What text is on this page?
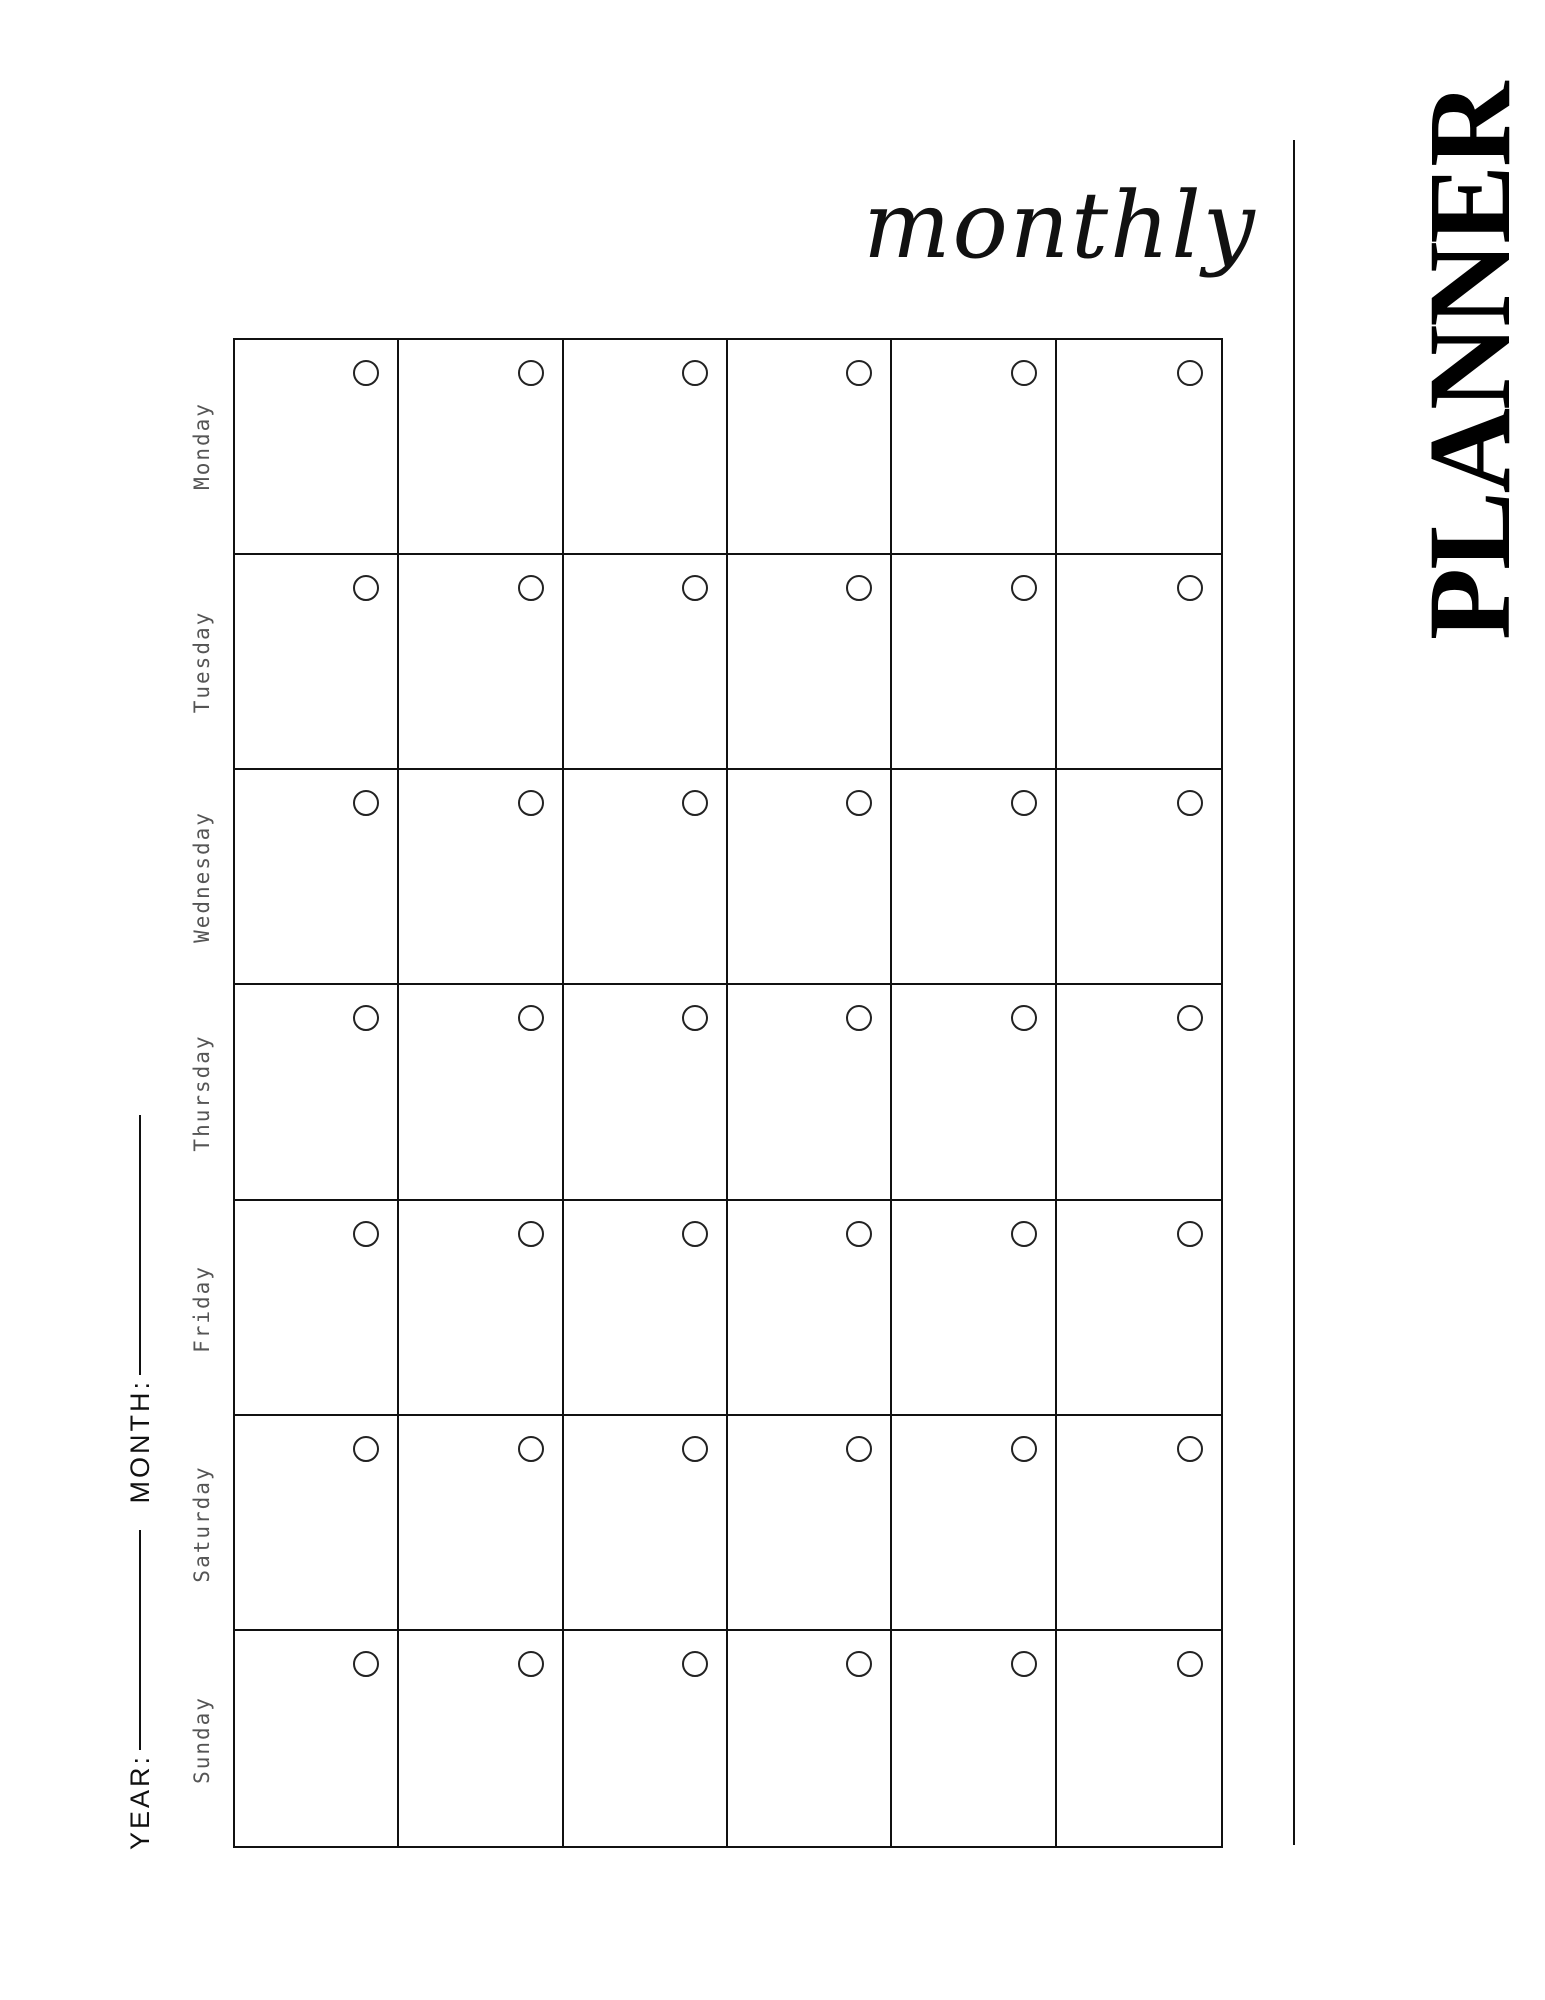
monthly PLANNER
YEAR:
MONTH:
Monday
Tuesday
Wednesday
Thursday
Friday
Saturday
Sunday
